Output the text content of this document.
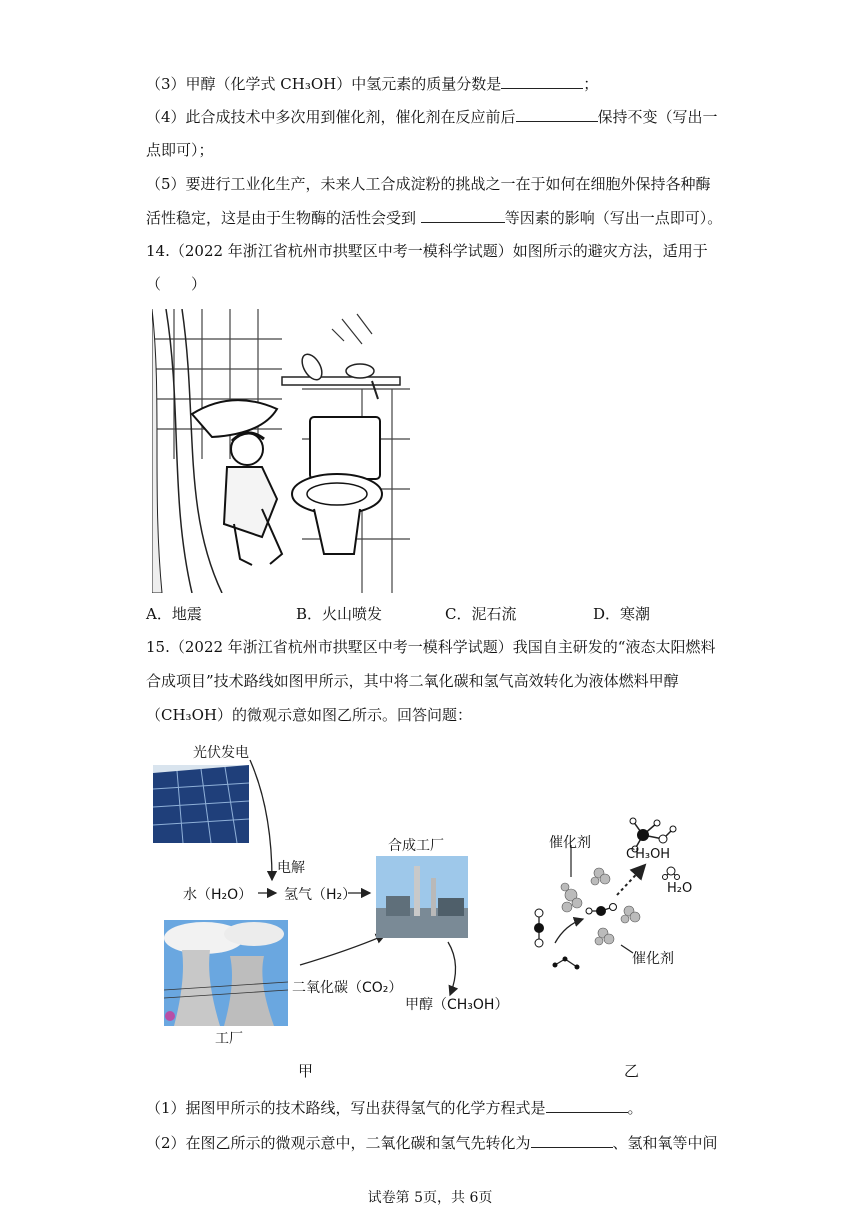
（3）甲醇（化学式 CH₃OH）中氢元素的质量分数是	；
（4）此合成技术中多次用到催化剂，催化剂在反应前后	保持不变（写出一
点即可）；
（5）要进行工业化生产，未来人工合成淀粉的挑战之一在于如何在细胞外保持各种酶
活性稳定，这是由于生物酶的活性会受到	等因素的影响（写出一点即可）。
14.（2022 年浙江省杭州市拱墅区中考一模科学试题）如图所示的避灾方法，适用于
（　　）
A．地震	B．火山喷发	C．泥石流	D．寒潮
15.（2022 年浙江省杭州市拱墅区中考一模科学试题）我国自主研发的“液态太阳燃料
合成项目”技术路线如图甲所示，其中将二氧化碳和氢气高效转化为液体燃料甲醇
（CH₃OH）的微观示意如图乙所示。回答问题：
光伏发电
电解
水（H₂O） 氢气（H₂）
合成工厂
二氧化碳（CO₂）
甲醇（CH₃OH）
工厂
甲
催化剂
CH₃OH
H₂O
催化剂
乙
（1）据图甲所示的技术路线，写出获得氢气的化学方程式是	。
（2）在图乙所示的微观示意中，二氧化碳和氢气先转化为	、氢和氧等中间
试卷第 5页，共 6页
